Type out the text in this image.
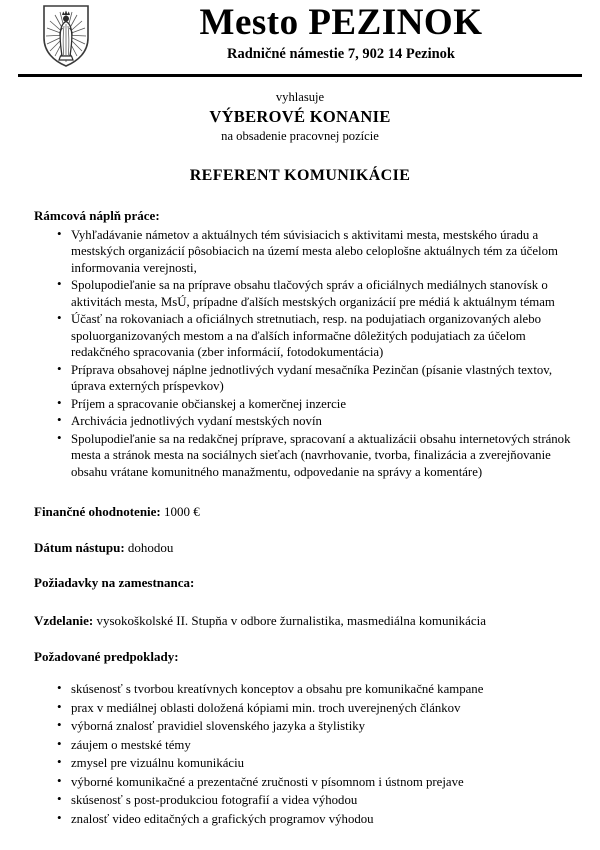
Mesto PEZINOK
Radničné námestie 7, 902 14 Pezinok
vyhlasuje
VÝBEROVÉ KONANIE
na obsadenie pracovnej pozície
REFERENT KOMUNIKÁCIE
Rámcová náplň práce:
• Vyhľadávanie námetov a aktuálnych tém súvisiacich s aktivitami mesta, mestského úradu a mestských organizácií pôsobiacich na území mesta alebo celoplošne aktuálnych tém za účelom informovania verejnosti,
• Spolupodieľanie sa na príprave obsahu tlačových správ a oficiálnych mediálnych stanovísk o aktivitách mesta, MsÚ, prípadne ďalších mestských organizácií pre médiá k aktuálnym témam
• Účasť na rokovaniach a oficiálnych stretnutiach, resp. na podujatiach organizovaných alebo spoluorganizovaných mestom a na ďalších informačne dôležitých podujatiach za účelom redakčného spracovania (zber informácií, fotodokumentácia)
• Príprava obsahovej náplne jednotlivých vydaní mesačníka Pezinčan (písanie vlastných textov, úprava externých príspevkov)
• Príjem a spracovanie občianskej a komerčnej inzercie
• Archivácia jednotlivých vydaní mestských novín
• Spolupodieľanie sa na redakčnej príprave, spracovaní a aktualizácii obsahu internetových stránok mesta a stránok mesta na sociálnych sieťach (navrhovanie, tvorba, finalizácia a zverejňovanie obsahu vrátane komunitného manažmentu, odpovedanie na správy a komentáre)

Finančné ohodnotenie: 1000 €

Dátum nástupu: dohodou

Požiadavky na zamestnanca:

Vzdelanie: vysokoškolské II. Stupňa v odbore žurnalistika, masmediálna komunikácia

Požadované predpoklady:
• skúsenosť s tvorbou kreatívnych konceptov a obsahu pre komunikačné kampane
• prax v mediálnej oblasti doložená kópiami min. troch uverejnených článkov
• výborná znalosť pravidiel slovenského jazyka a štylistiky
• záujem o mestské témy
• zmysel pre vizuálnu komunikáciu
• výborné komunikačné a prezentačné zručnosti v písomnom i ústnom prejave
• skúsenosť s post-produkciou fotografií a videa výhodou
• znalosť video editačných a grafických programov výhodou
